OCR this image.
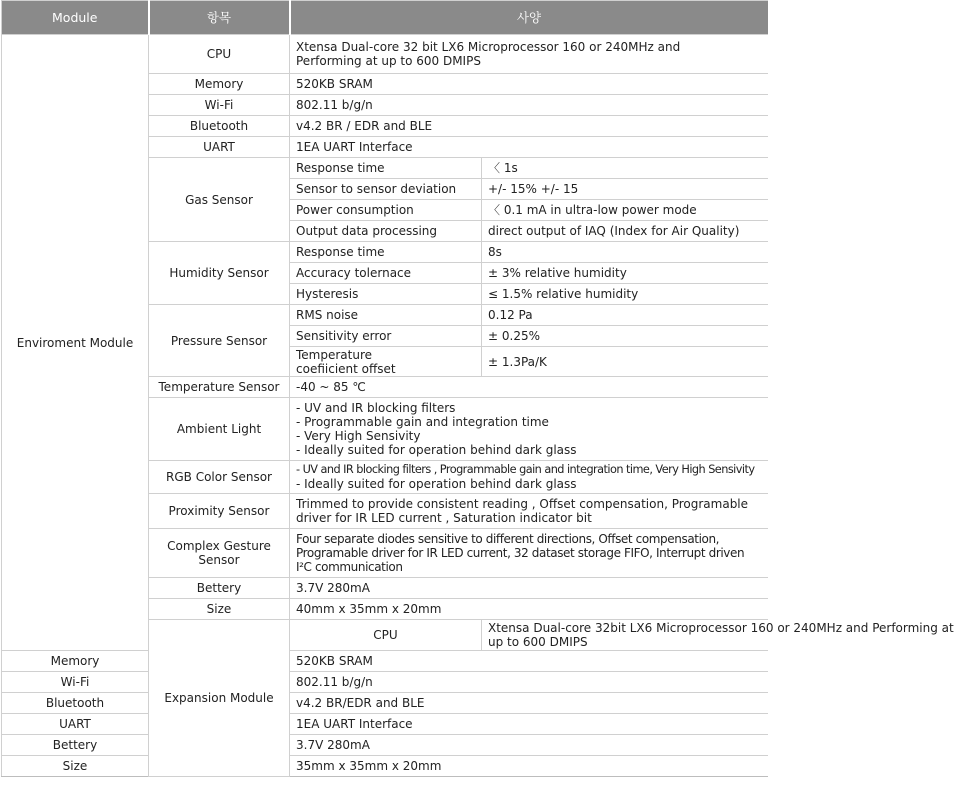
Module	항목	사양	
Enviroment Module	CPU	Xtensa Dual-core 32 bit LX6 Microprocessor 160 or 240MHz and
Performing at up to 600 DMIPS	

	Memory	520KB SRAM	
	Wi-Fi	802.11 b/g/n	
	Bluetooth	v4.2 BR / EDR and BLE	
	UART	1EA UART Interface	
	Gas Sensor	Response time	〈 1s
		Sensor to sensor deviation	+/- 15% +/- 15
		Power consumption	〈 0.1 mA in ultra-low power mode
		Output data processing	direct output of IAQ (Index for Air Quality)
	Humidity Sensor	Response time	8s
		Accuracy tolernace	± 3% relative humidity
		Hysteresis	≤ 1.5% relative humidity
	Pressure Sensor	RMS noise	0.12 Pa
		Sensitivity error	± 0.25%

		Temperature
coefiicient offset	± 1.3Pa/K
	Temperature Sensor	-40 ~ 85 ℃	
	Ambient Light	- UV and IR blocking filters
- Programmable gain and integration time
- Very High Sensivity
- Ideally suited for operation behind dark glass	

	RGB Color Sensor	- UV and IR blocking filters , Programmable gain and integration time, Very High Sensivity
- Ideally suited for operation behind dark glass	

	Proximity Sensor	Trimmed to provide consistent reading , Offset compensation, Programable
driver for IR LED current , Saturation indicator bit	

	Complex Gesture
Sensor	Four separate diodes sensitive to different directions, Offset compensation,
Programable driver for IR LED current, 32 dataset storage FIFO, Interrupt driven
I²C communication	

	Bettery	3.7V 280mA	
	Size	40mm x 35mm x 20mm	
	Expansion Module	CPU	Xtensa Dual-core 32bit LX6 Microprocessor 160 or 240MHz and Performing at
up to 600 DMIPS

Memory		520KB SRAM	
Wi-Fi		802.11 b/g/n	
Bluetooth		v4.2 BR/EDR and BLE	
UART		1EA UART Interface	
Bettery		3.7V 280mA	
Size		35mm x 35mm x 20mm	
